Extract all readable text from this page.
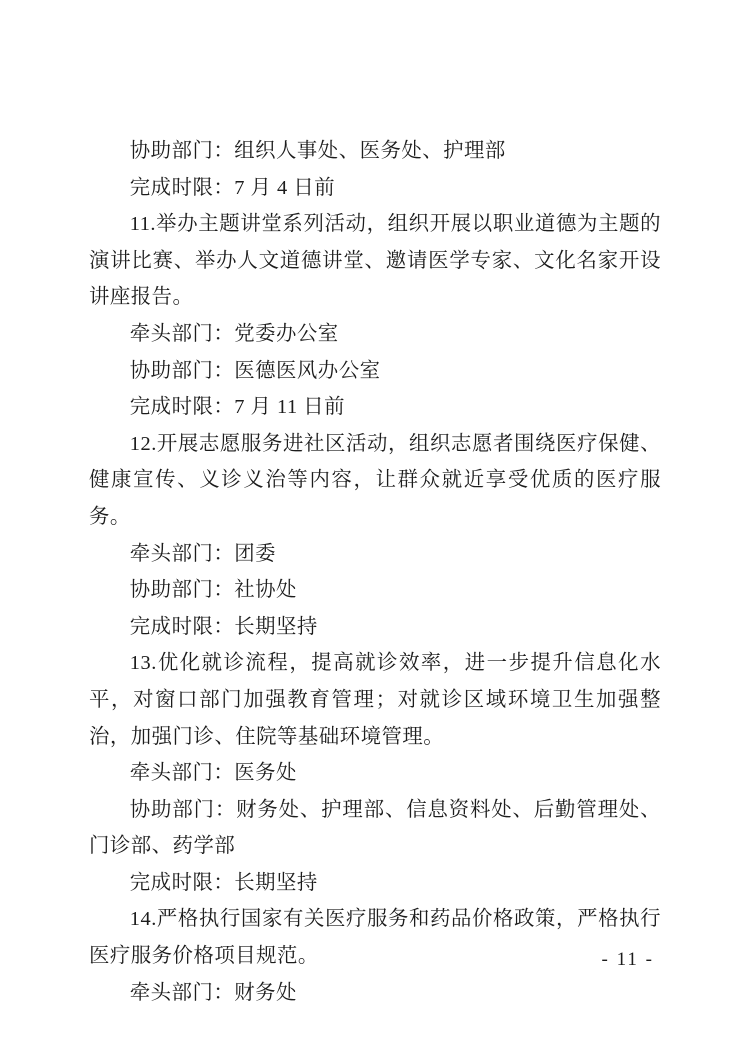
协助部门：组织人事处、医务处、护理部

完成时限：7 月 4 日前

11.举办主题讲堂系列活动，组织开展以职业道德为主题的演讲比赛、举办人文道德讲堂、邀请医学专家、文化名家开设讲座报告。

牵头部门：党委办公室

协助部门：医德医风办公室

完成时限：7 月 11 日前

12.开展志愿服务进社区活动，组织志愿者围绕医疗保健、健康宣传、义诊义治等内容，让群众就近享受优质的医疗服务。

牵头部门：团委

协助部门：社协处

完成时限：长期坚持

13.优化就诊流程，提高就诊效率，进一步提升信息化水平，对窗口部门加强教育管理；对就诊区域环境卫生加强整治，加强门诊、住院等基础环境管理。

牵头部门：医务处

协助部门：财务处、护理部、信息资料处、后勤管理处、门诊部、药学部

完成时限：长期坚持

14.严格执行国家有关医疗服务和药品价格政策，严格执行医疗服务价格项目规范。

牵头部门：财务处

- 11 -
